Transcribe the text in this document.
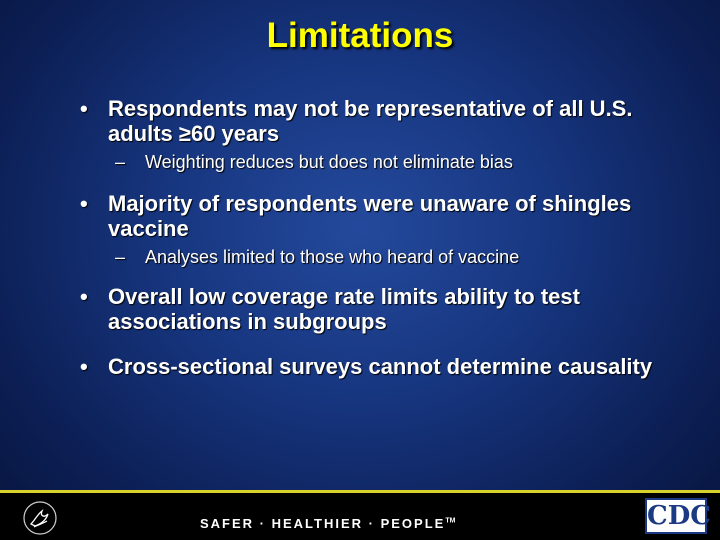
Limitations
• Respondents may not be representative of all U.S. adults ≥60 years
–	Weighting reduces but does not eliminate bias
• Majority of respondents were unaware of shingles vaccine
–	Analyses limited to those who heard of vaccine
• Overall low coverage rate limits ability to test associations in subgroups
• Cross-sectional surveys cannot determine causality
SAFER · HEALTHIER · PEOPLE™	CDC
